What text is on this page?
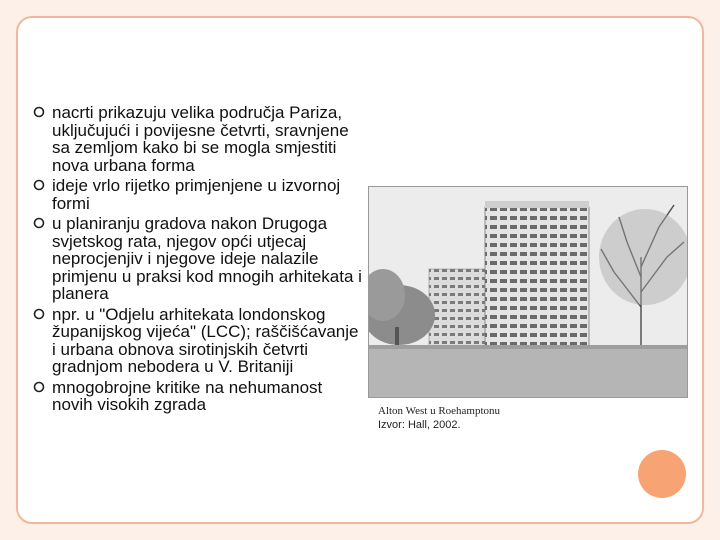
nacrti prikazuju velika područja Pariza, uključujući i povijesne četvrti, sravnjene sa zemljom kako bi se mogla smjestiti nova urbana forma
ideje vrlo rijetko primjenjene u izvornoj formi
u planiranju gradova nakon Drugoga svjetskog rata, njegov opći utjecaj neprocjenjiv i njegove ideje nalazile primjenu u praksi kod mnogih arhitekata i planera
npr. u "Odjelu arhitekata londonskog županijskog vijeća" (LCC); raščišćavanje i urbana obnova sirotinjskih četvrti gradnjom nebodera u V. Britaniji
mnogobrojne kritike na nehumanost novih visokih zgrada	Alton West u Roehamptonu
Izvor: Hall, 2002.
